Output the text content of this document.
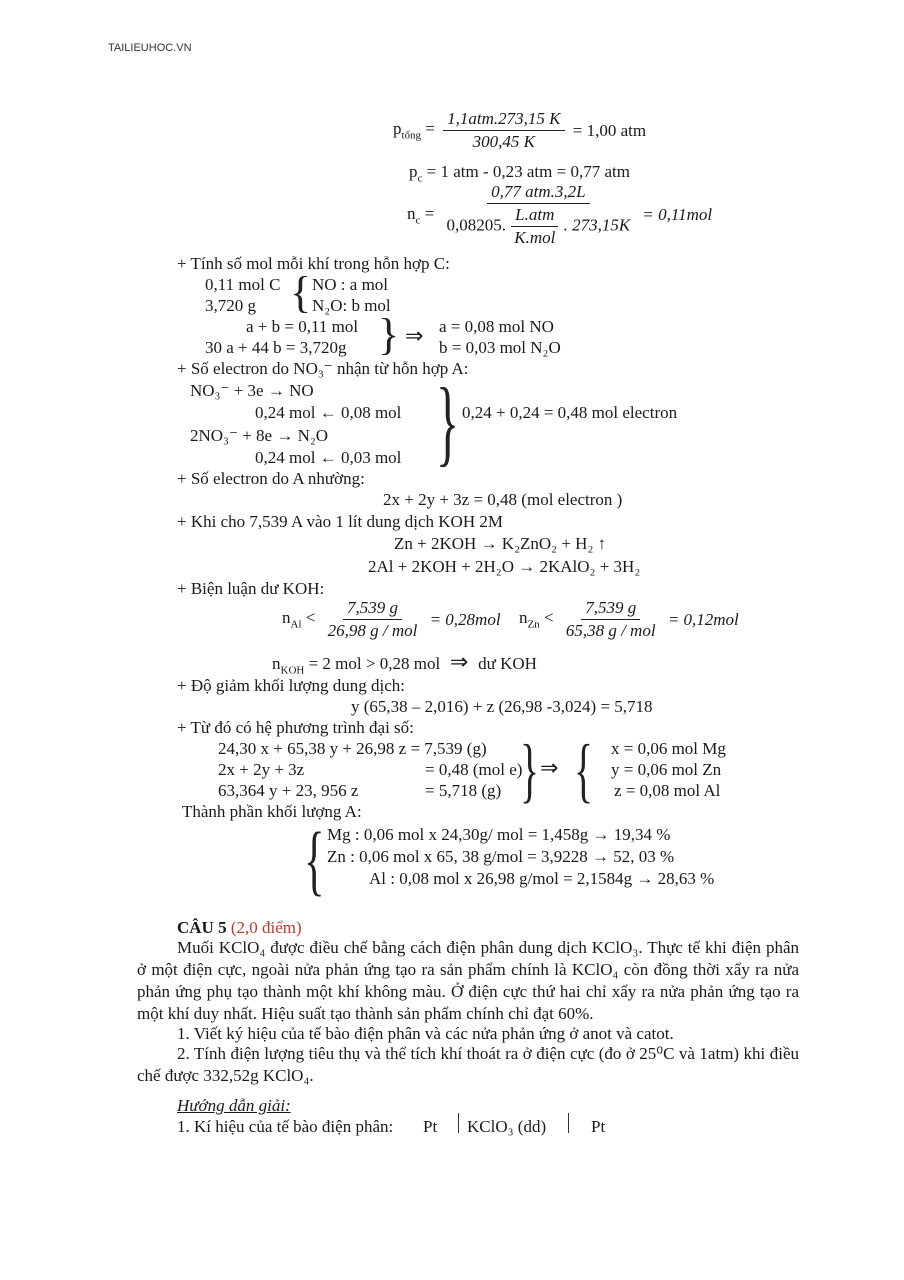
TAILIEUHOC.VN
$p_{tổng} = \frac{\text{1,1atm.273,15 K}}{300,45 K} = 1,00$ atm
$p_c = 1$ atm - 0,23 atm = 0,77 atm
$n_c$ =
0,77 atm.3,2L
0,08205. $\frac{\text{L.atm}}{\text{K.mol}}$ . 273,15K
= 0,11mol
+ Tính số mol mỗi khí trong hỗn hợp C:
0,11 mol C
3,720 g { NO : a mol
N₂O: b mol
a + b = 0,11 mol
30 a + 44 b = 3,720g } ⇒ a = 0,08 mol NO
b = 0,03 mol N₂O
+ Số electron do NO₃⁻ nhận từ hỗn hợp A:
NO₃⁻ + 3e → NO
0,24 mol ← 0,08 mol
2NO₃⁻ + 8e → N₂O
0,24 mol ← 0,03 mol } 0,24 + 0,24 = 0,48 mol electron
+ Số electron do A nhường:
2x + 2y + 3z = 0,48 (mol electron )
+ Khi cho 7,539 A vào 1 lít dung dịch KOH 2M
Zn + 2KOH → K₂ZnO₂ + H₂ ↑
2Al + 2KOH + 2H₂O → 2KAlO₂ + 3H₂
+ Biện luận dư KOH:
$n_{Al} < \frac{7,539 g}{\text{26,98 g / mol}} = 0,28mol$ $n_{Zn} < \frac{7,539 g}{\text{65,38 g / mol}} = 0,12mol$
$n_{KOH} = 2$ mol > 0,28 mol  ⇒  dư KOH
+ Độ giảm khối lượng dung dịch:
y (65,38 – 2,016) + z (26,98 -3,024) = 5,718
+ Từ đó có hệ phương trình đại số:
24,30 x + 65,38 y + 26,98 z = 7,539 (g)
2x + 2y + 3z	= 0,48 (mol e)
63,364 y + 23, 956 z	= 5,718 (g) } ⇒ { x = 0,06 mol Mg
y = 0,06 mol Zn
z = 0,08 mol Al
Thành phần khối lượng A:
{ Mg : 0,06 mol x 24,30g/ mol = 1,458g → 19,34 %
Zn : 0,06 mol x 65, 38 g/mol = 3,9228 → 52, 03 %
Al : 0,08 mol x 26,98 g/mol = 2,1584g → 28,63 %
CÂU 5 (2,0 điểm)
Muối KClO₄ được điều chế bằng cách điện phân dung dịch KClO₃. Thực tế khi điện phân ở một điện cực, ngoài nửa phản ứng tạo ra sản phẩm chính là KClO₄ còn đồng thời xẩy ra nửa phản ứng phụ tạo thành một khí không màu. Ở điện cực thứ hai chỉ xẩy ra nửa phản ứng tạo ra một khí duy nhất. Hiệu suất tạo thành sản phẩm chính chỉ đạt 60%.
1. Viết ký hiệu của tế bào điện phân và các nửa phản ứng ở anot và catot.
2. Tính điện lượng tiêu thụ và thể tích khí thoát ra ở điện cực (đo ở 25⁰C và 1atm) khi điều chế được 332,52g KClO₄.
Hướng dẫn giải:
1. Kí hiệu của tế bào điện phân: Pt KClO₃ (dd)	Pt
